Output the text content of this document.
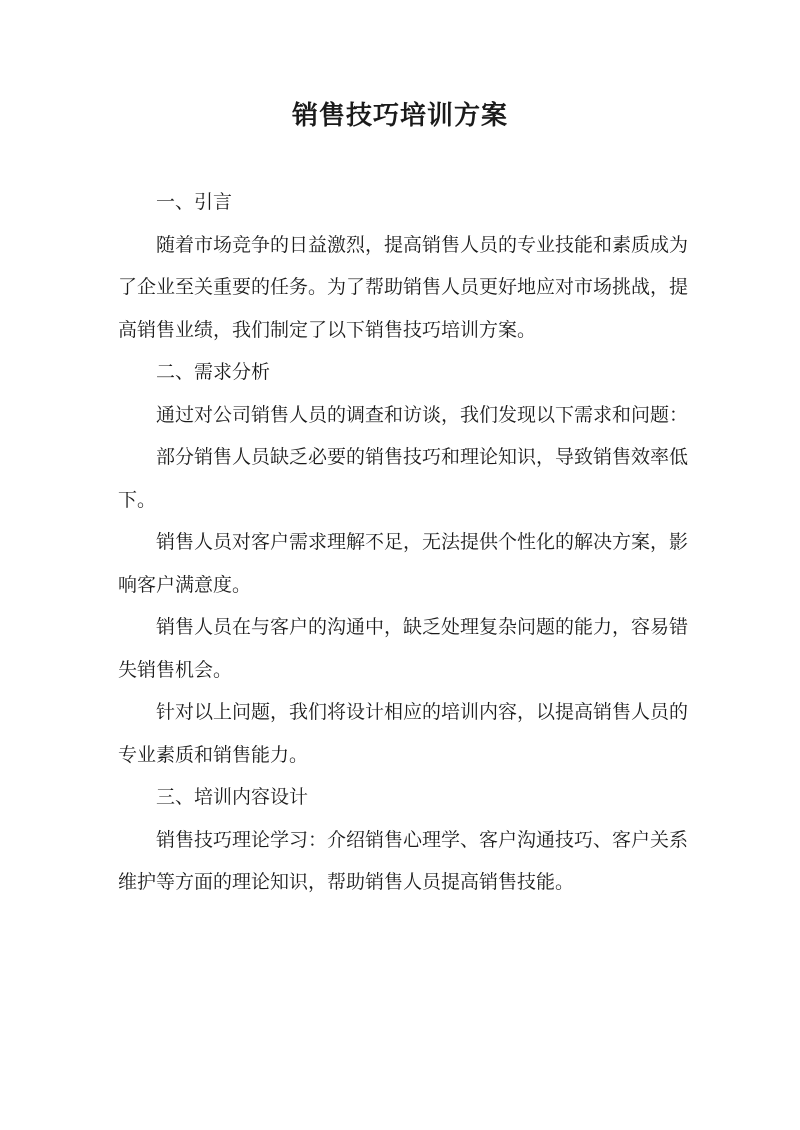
销售技巧培训方案

一、引言

随着市场竞争的日益激烈，提高销售人员的专业技能和素质成为了企业至关重要的任务。为了帮助销售人员更好地应对市场挑战，提高销售业绩，我们制定了以下销售技巧培训方案。

二、需求分析

通过对公司销售人员的调查和访谈，我们发现以下需求和问题：

部分销售人员缺乏必要的销售技巧和理论知识，导致销售效率低下。

销售人员对客户需求理解不足，无法提供个性化的解决方案，影响客户满意度。

销售人员在与客户的沟通中，缺乏处理复杂问题的能力，容易错失销售机会。

针对以上问题，我们将设计相应的培训内容，以提高销售人员的专业素质和销售能力。

三、培训内容设计

销售技巧理论学习：介绍销售心理学、客户沟通技巧、客户关系维护等方面的理论知识，帮助销售人员提高销售技能。
